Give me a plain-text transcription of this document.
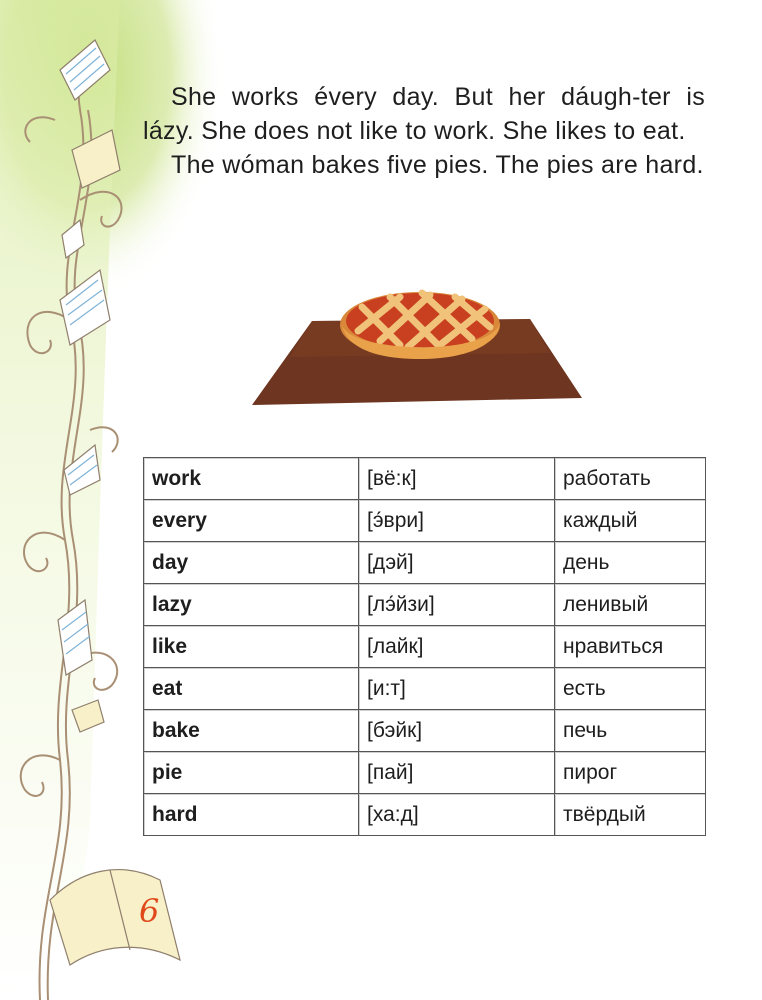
She works évery day. But her dáugh-ter is lázy. She does not like to work. She likes to eat.

The wóman bakes five pies. The pies are hard.

work	[вё:к]	работать
every	[э́ври]	каждый
day	[дэй]	день
lazy	[лэ́йзи]	ленивый
like	[лайк]	нравиться
eat	[и:т]	есть
bake	[бэйк]	печь
pie	[пай]	пирог
hard	[ха:д]	твёрдый
6
